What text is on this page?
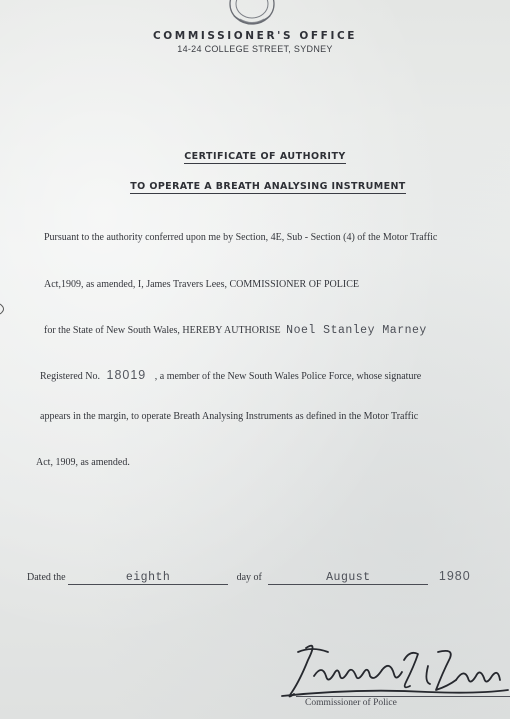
COMMISSIONER'S OFFICE
14-24 COLLEGE STREET, SYDNEY
CERTIFICATE OF AUTHORITY
TO OPERATE A BREATH ANALYSING INSTRUMENT
Pursuant to the authority conferred upon me by Section, 4E, Sub - Section (4) of the Motor Traffic
Act,1909, as amended, I, James Travers Lees, COMMISSIONER OF POLICE
for the State of New South Wales, HEREBY AUTHORISE Noel Stanley Marney
Registered No. 18019 , a member of the New South Wales Police Force, whose signature
appears in the margin, to operate Breath Analysing Instruments as defined in the Motor Traffic
Act, 1909, as amended.
Dated the	eighth	day of	August	1980
Commissioner of Police
